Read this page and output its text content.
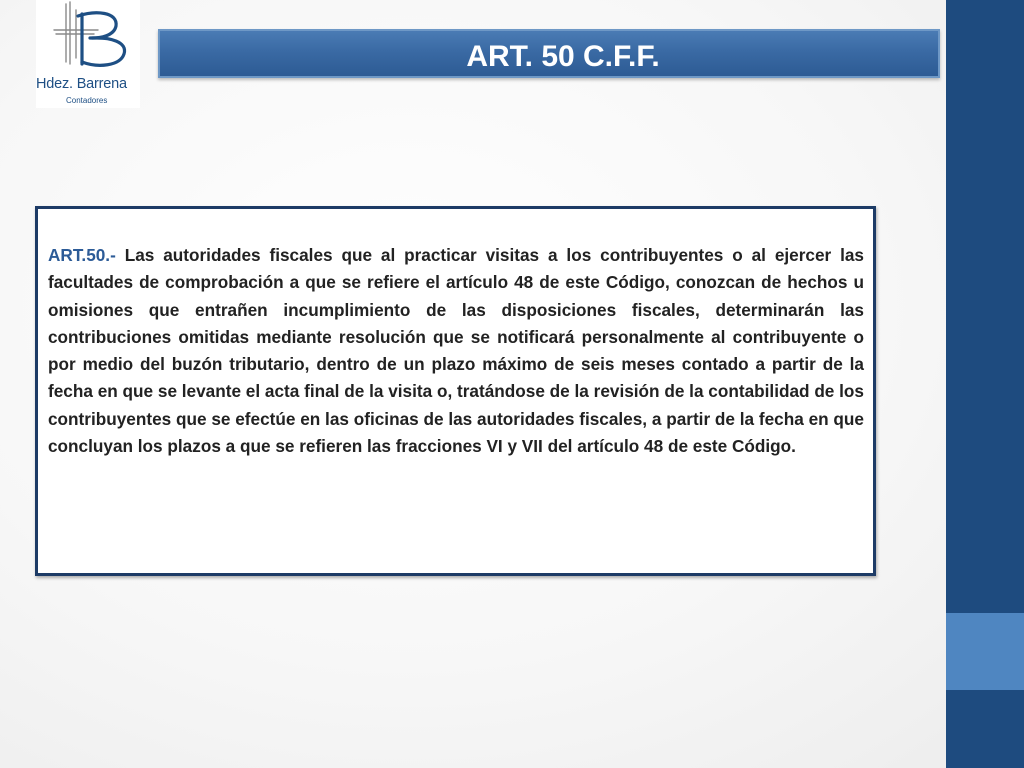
Hdez. Barrena
Contadores
ART. 50 C.F.F.

ART.50.- Las autoridades fiscales que al practicar visitas a los contribuyentes o al ejercer las facultades de comprobación a que se refiere el artículo 48 de este Código, conozcan de hechos u omisiones que entrañen incumplimiento de las disposiciones fiscales, determinarán las contribuciones omitidas mediante resolución que se notificará personalmente al contribuyente o por medio del buzón tributario, dentro de un plazo máximo de seis meses contado a partir de la fecha en que se levante el acta final de la visita o, tratándose de la revisión de la contabilidad de los contribuyentes que se efectúe en las oficinas de las autoridades fiscales, a partir de la fecha en que concluyan los plazos a que se refieren las fracciones VI y VII del artículo 48 de este Código.
